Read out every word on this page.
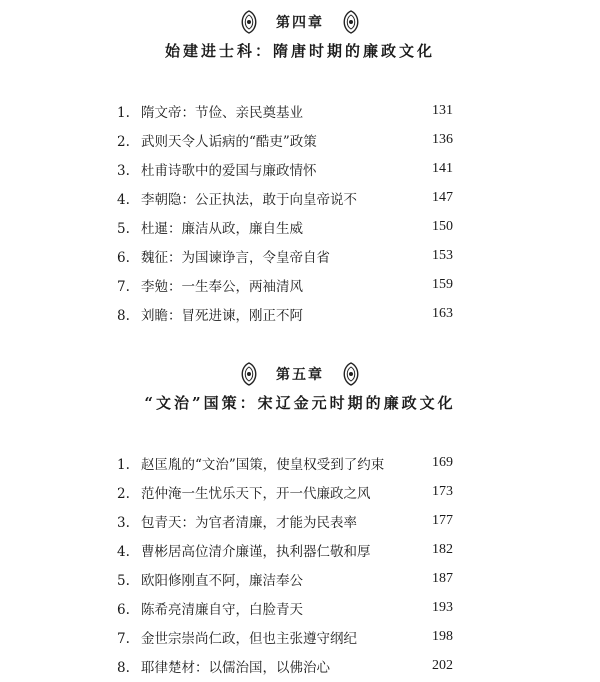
第四章
始建进士科：隋唐时期的廉政文化
1. 隋文帝：节俭、亲民奠基业	131
2. 武则天令人诟病的“酷吏”政策	136
3. 杜甫诗歌中的爱国与廉政情怀	141
4. 李朝隐：公正执法，敢于向皇帝说不	147
5. 杜暹：廉洁从政，廉自生威	150
6. 魏征：为国谏诤言，令皇帝自省	153
7. 李勉：一生奉公，两袖清风	159
8. 刘瞻：冒死进谏，刚正不阿	163
第五章
“文治”国策：宋辽金元时期的廉政文化
1. 赵匡胤的“文治”国策，使皇权受到了约束	169
2. 范仲淹一生忧乐天下，开一代廉政之风	173
3. 包青天：为官者清廉，才能为民表率	177
4. 曹彬居高位清介廉谨，执利器仁敬和厚	182
5. 欧阳修刚直不阿，廉洁奉公	187
6. 陈希亮清廉自守，白脸青天	193
7. 金世宗崇尚仁政，但也主张遵守纲纪	198
8. 耶律楚材：以儒治国，以佛治心	202
